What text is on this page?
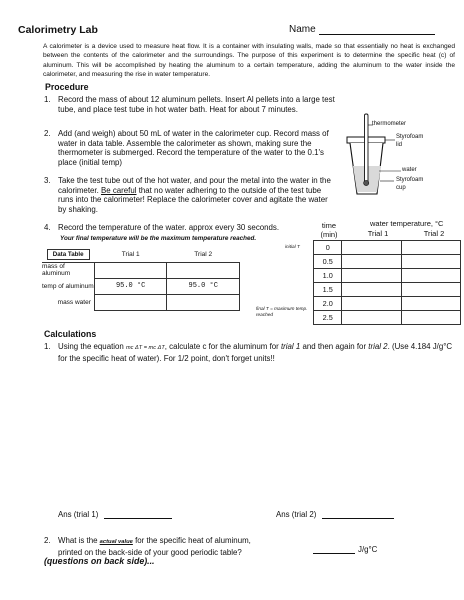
Calorimetry Lab	Name
A calorimeter is a device used to measure heat flow. It is a container with insulating walls, made so that essentially no heat is exchanged between the contents of the calorimeter and the surroundings. The purpose of this experiment is to determine the specific heat (c) of aluminum. This will be accomplished by heating the aluminum to a certain temperature, adding the aluminum to the water inside the calorimeter, and measuring the rise in water temperature.
Procedure
1. Record the mass of about 12 aluminum pellets. Insert Al pellets into a large test tube, and place test tube in hot water bath. Heat for about 7 minutes.
2. Add (and weigh) about 50 mL of water in the calorimeter cup. Record mass of water in data table. Assemble the calorimeter as shown, making sure the thermometer is submerged. Record the temperature of the water to the 0.1's place (initial temp)
3. Take the test tube out of the hot water, and pour the metal into the water in the calorimeter. Be careful that no water adhering to the outside of the test tube runs into the calorimeter! Replace the calorimeter cover and agitate the water by shaking.
4. Record the temperature of the water. approx every 30 seconds.
Your final temperature will be the maximum temperature reached.
thermometer
Styrofoam lid
water
Styrofoam cup
Data Table	Trial 1	Trial 2
mass of aluminum		
temp of aluminum	95.0 °C	95.0 °C
mass water		
time
(min)
water temperature, °C
Trial 1	Trial 2
initial T
final T = maximum temp. reached
0		
0.5		
1.0		
1.5		
2.0		
2.5		
Calculations
1. Using the equation mc ΔT = mc ΔT, calculate c for the aluminum for trial 1 and then again for trial 2. (Use 4.184 J/g°C for the specific heat of water). For 1/2 point, don't forget units!!
Ans (trial 1)	Ans (trial 2)
2. What is the actual value for the specific heat of aluminum,
printed on the back-side of your good periodic table?	J/g°C
(questions on back side)...
